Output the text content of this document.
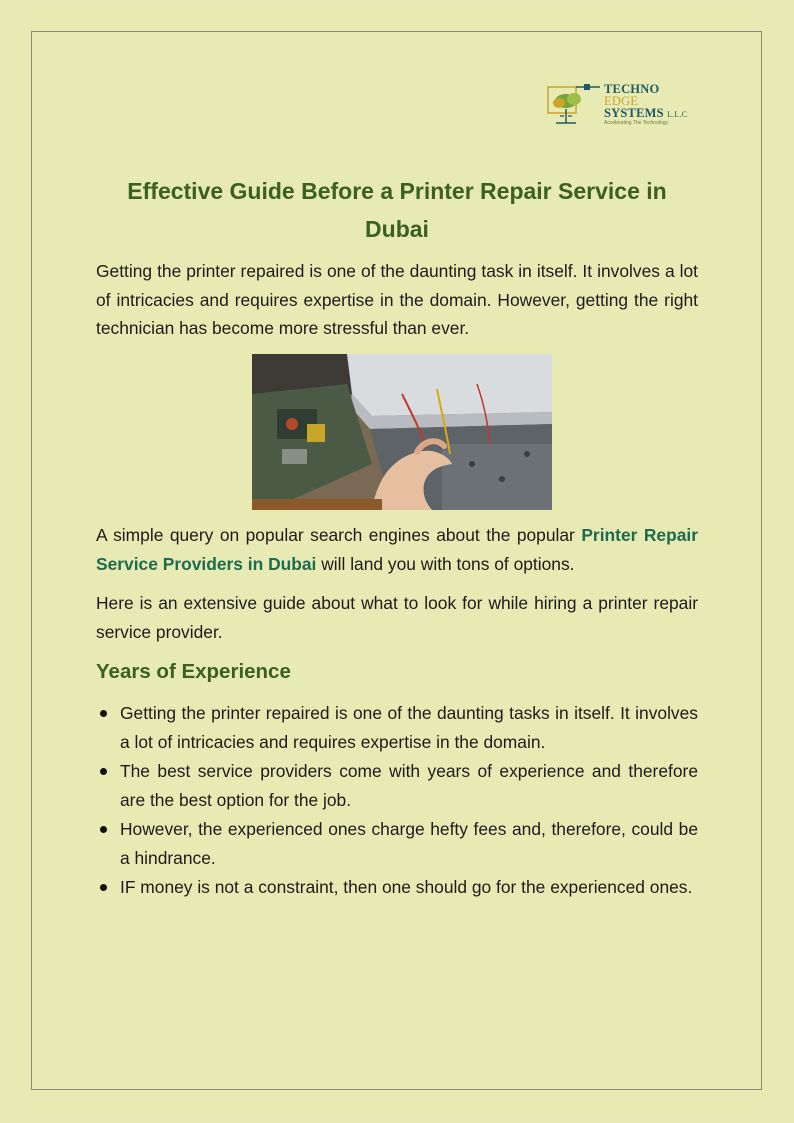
TECHNO
EDGE
SYSTEMS L.L.C
Accelerating The Technology
Effective Guide Before a Printer Repair Service in Dubai

Getting the printer repaired is one of the daunting task in itself. It involves a lot of intricacies and requires expertise in the domain. However, getting the right technician has become more stressful than ever.

A simple query on popular search engines about the popular Printer Repair Service Providers in Dubai will land you with tons of options.

Here is an extensive guide about what to look for while hiring a printer repair service provider.

Years of Experience
Getting the printer repaired is one of the daunting tasks in itself. It involves a lot of intricacies and requires expertise in the domain.
The best service providers come with years of experience and therefore are the best option for the job.
However, the experienced ones charge hefty fees and, therefore, could be a hindrance.
IF money is not a constraint, then one should go for the experienced ones.
